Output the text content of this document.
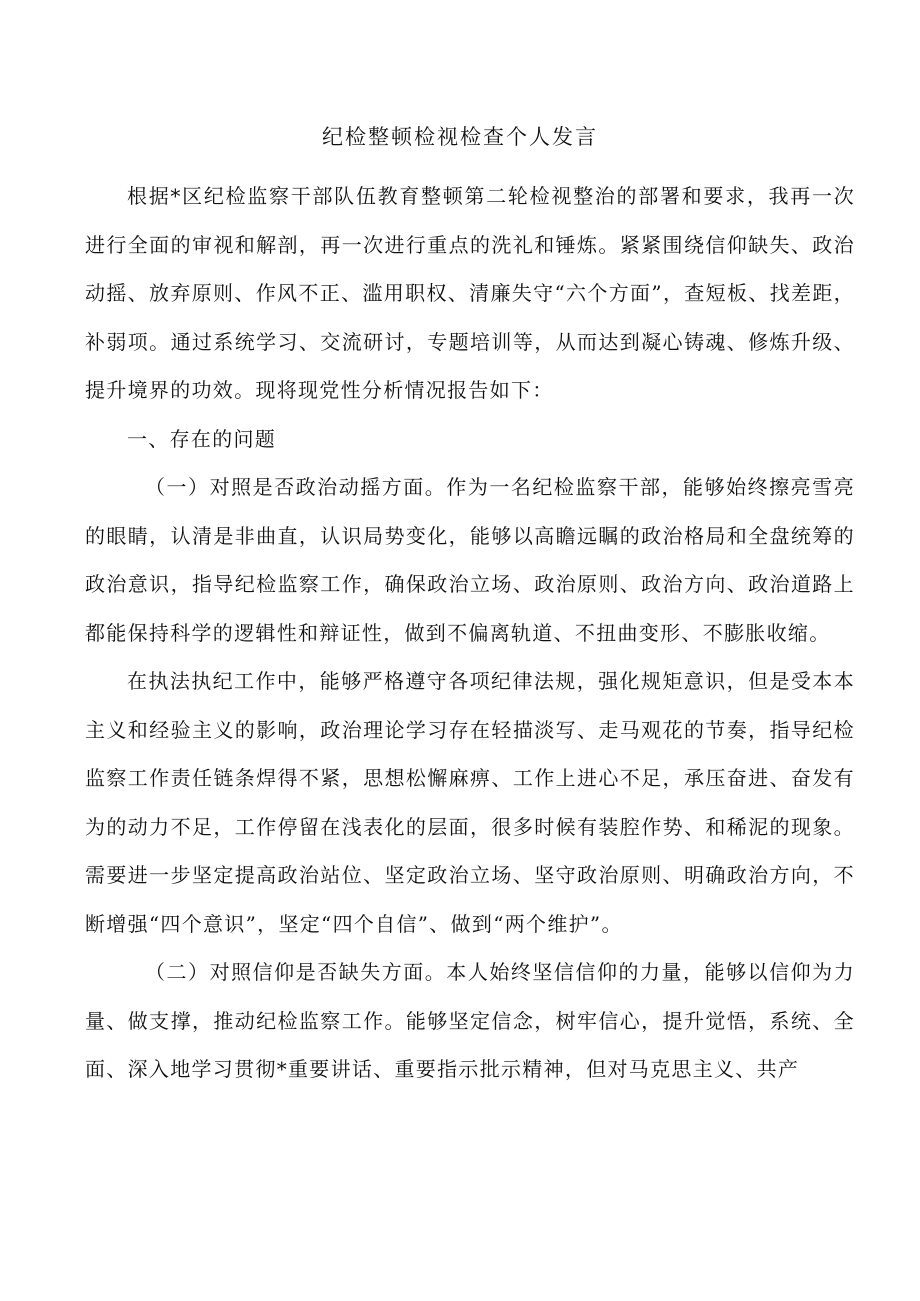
纪检整顿检视检查个人发言

根据*区纪检监察干部队伍教育整顿第二轮检视整治的部署和要求，我再一次进行全面的审视和解剖，再一次进行重点的洗礼和锤炼。紧紧围绕信仰缺失、政治动摇、放弃原则、作风不正、滥用职权、清廉失守“六个方面”，查短板、找差距，补弱项。通过系统学习、交流研讨，专题培训等，从而达到凝心铸魂、修炼升级、提升境界的功效。现将现党性分析情况报告如下：

一、存在的问题

（一）对照是否政治动摇方面。作为一名纪检监察干部，能够始终擦亮雪亮的眼睛，认清是非曲直，认识局势变化，能够以高瞻远瞩的政治格局和全盘统筹的政治意识，指导纪检监察工作，确保政治立场、政治原则、政治方向、政治道路上都能保持科学的逻辑性和辩证性，做到不偏离轨道、不扭曲变形、不膨胀收缩。

在执法执纪工作中，能够严格遵守各项纪律法规，强化规矩意识，但是受本本主义和经验主义的影响，政治理论学习存在轻描淡写、走马观花的节奏，指导纪检监察工作责任链条焊得不紧，思想松懈麻痹、工作上进心不足，承压奋进、奋发有为的动力不足，工作停留在浅表化的层面，很多时候有装腔作势、和稀泥的现象。需要进一步坚定提高政治站位、坚定政治立场、坚守政治原则、明确政治方向，不断增强“四个意识”，坚定“四个自信”、做到“两个维护”。

（二）对照信仰是否缺失方面。本人始终坚信信仰的力量，能够以信仰为力量、做支撑，推动纪检监察工作。能够坚定信念，树牢信心，提升觉悟，系统、全面、深入地学习贯彻*重要讲话、重要指示批示精神，但对马克思主义、共产
